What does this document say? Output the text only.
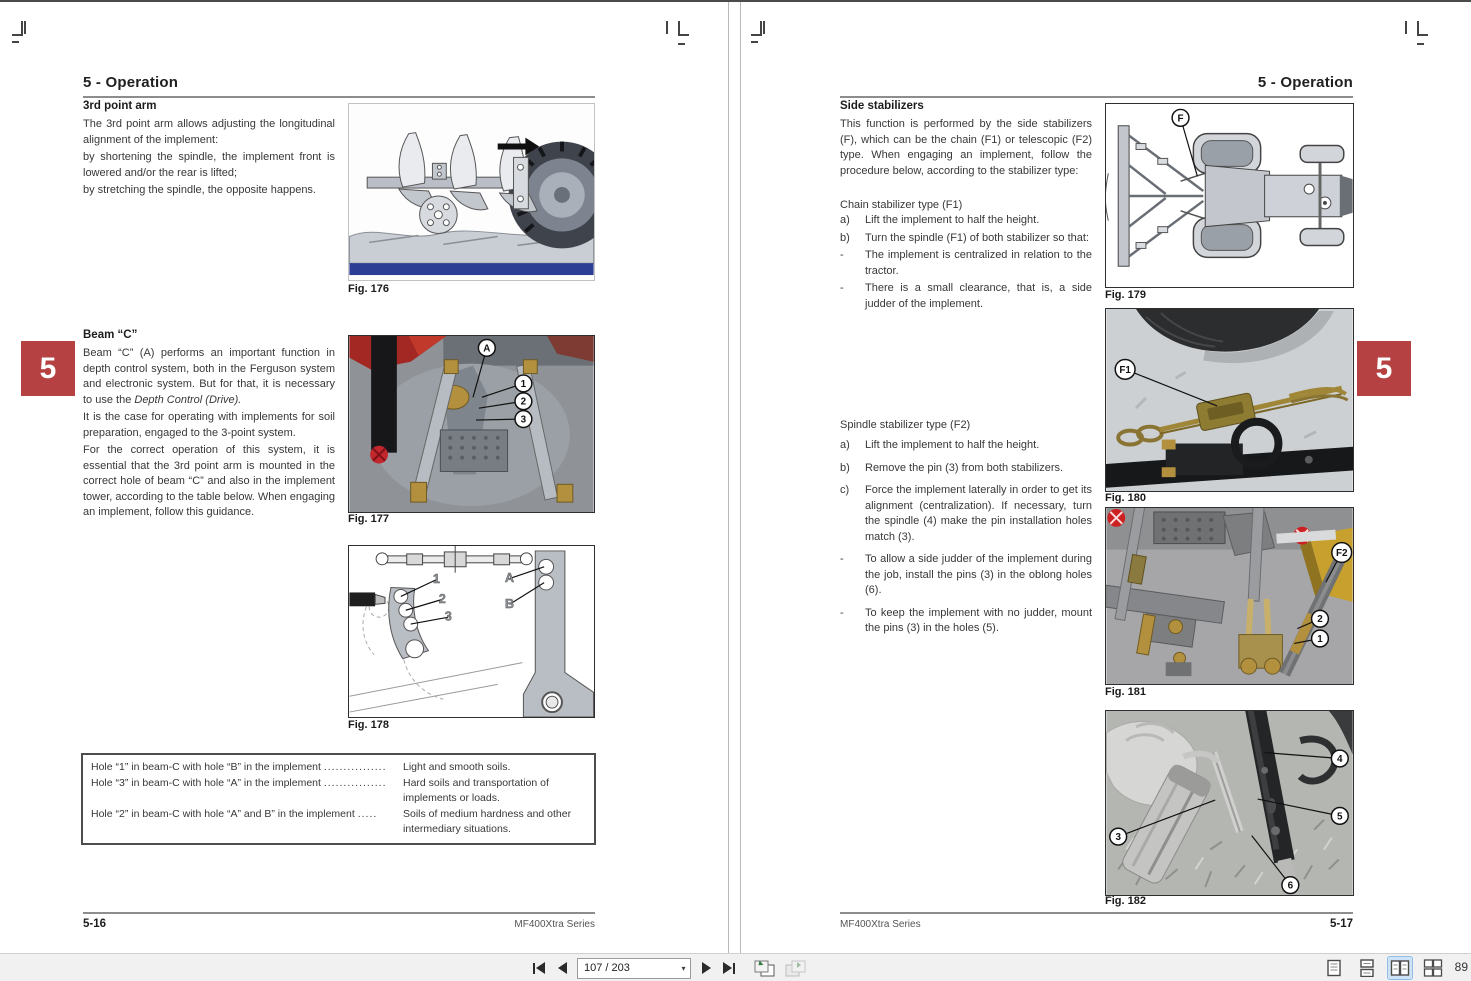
5 - Operation
3rd point arm

The 3rd point arm allows adjusting the longitudinal alignment of the implement:

by shortening the spindle, the implement front is lowered and/or the rear is lifted;

by stretching the spindle, the opposite happens.

Fig. 176
5
Beam “C”

Beam “C” (A) performs an important function in depth control system, both in the Ferguson system and electronic system. But for that, it is necessary to use the Depth Control (Drive).

It is the case for operating with implements for soil preparation, engaged to the 3-point system.

For the correct operation of this system, it is essential that the 3rd point arm is mounted in the correct hole of beam “C” and also in the implement tower, according to the table below. When engaging an implement, follow this guidance.

A
1
2
3
Fig. 177
1
2
3
A
B
Fig. 178
Hole “1” in beam-C with hole “B” in the implement ................	Light and smooth soils.
Hole “3” in beam-C with hole “A” in the implement ................	Hard soils and transportation of implements or loads.
Hole “2” in beam-C with hole “A” and B” in the implement .....	Soils of medium hardness and other intermediary situations.
5-16	MF400Xtra Series
5 - Operation
Side stabilizers

This function is performed by the side stabilizers (F), which can be the chain (F1) or telescopic (F2) type. When engaging an implement, follow the procedure below, according to the stabilizer type:

Chain stabilizer type (F1)
a)	Lift the implement to half the height.
b)	Turn the spindle (F1) of both stabilizer so that:
-	The implement is centralized in relation to the tractor.
-	There is a small clearance, that is, a side judder of the implement.
Spindle stabilizer type (F2)
a)	Lift the implement to half the height.
b)	Remove the pin (3) from both stabilizers.
c)	Force the implement laterally in order to get its alignment (centralization). If necessary, turn the spindle (4) make the pin installation holes match (3).
-	To allow a side judder of the implement during the job, install the pins (3) in the oblong holes (6).
-	To keep the implement with no judder, mount the pins (3) in the holes (5).
F
Fig. 179
5
F1
Fig. 180
F2
2
1
Fig. 181
3
4
5
6
Fig. 182
MF400Xtra Series	5-17
107 / 203
▾	89
